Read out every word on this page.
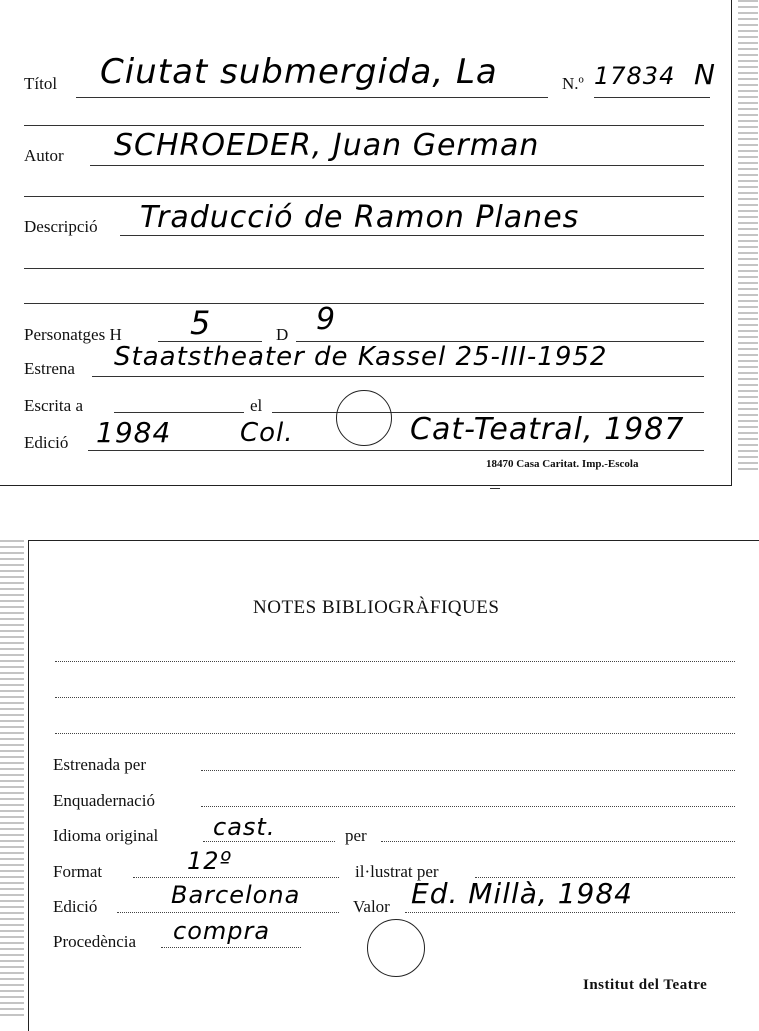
Títol Ciutat submergida, La	N.º 17834 N
Autor SCHROEDER, Juan German
Descripció Traducció de Ramon Planes
Personatges H 5	D 9
Estrena Staatstheater de Kassel 25-III-1952
Escrita a	el
Edició 1984	Col.	Cat-Teatral, 1987
18470 Casa Caritat. Imp.-Escola
NOTES BIBLIOGRÀFIQUES
Estrenada per
Enquadernació
Idioma original cast.	per
Format	12º	il·lustrat per
Edició	Barcelona	Valor Ed. Millà, 1984
Procedència compra
Institut del Teatre
